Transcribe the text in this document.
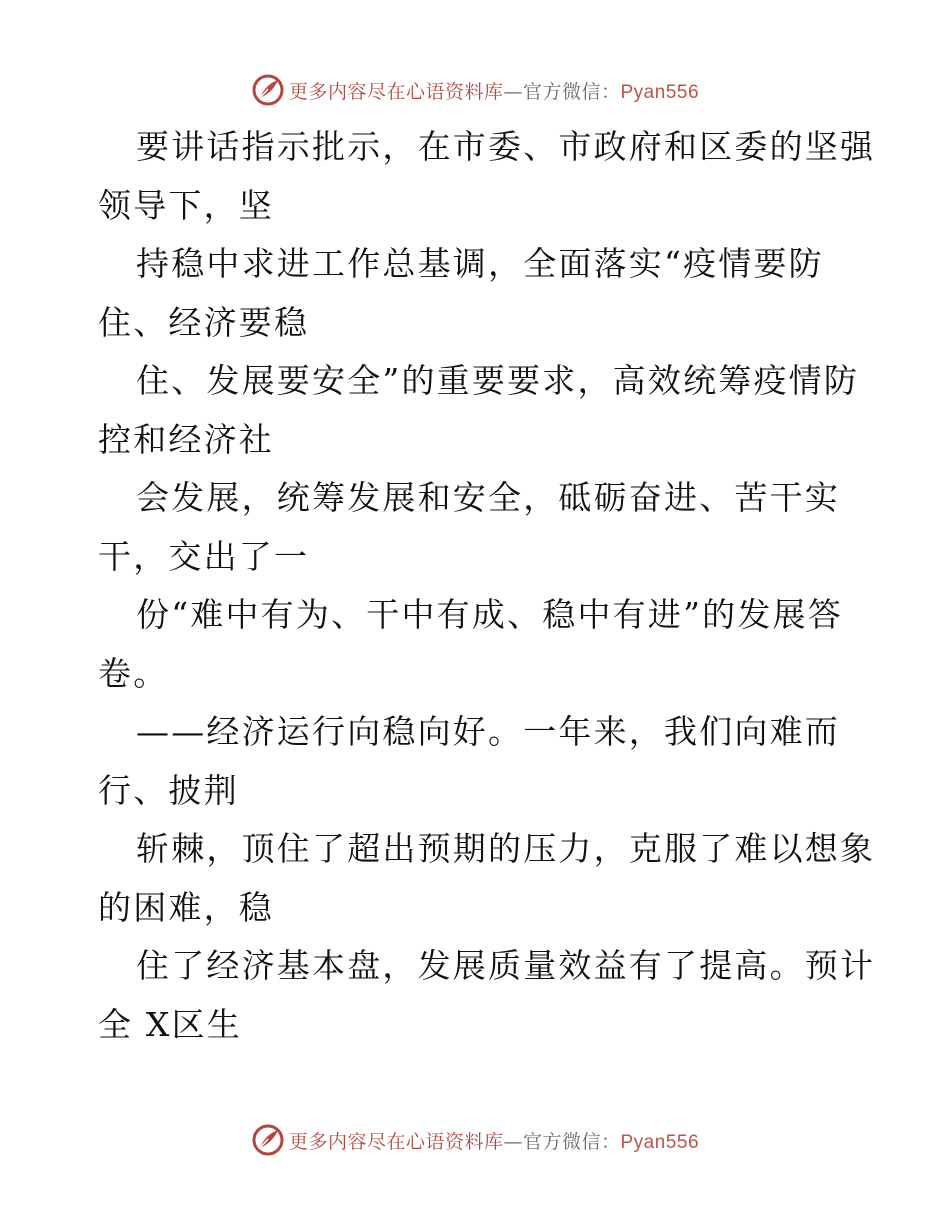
更多内容尽在心语资料库—官方微信：Pyan556
要讲话指示批示，在市委、市政府和区委的坚强
领导下，坚
持稳中求进工作总基调，全面落实“疫情要防
住、经济要稳
住、发展要安全”的重要要求，高效统筹疫情防
控和经济社
会发展，统筹发展和安全，砥砺奋进、苦干实
干，交出了一
份“难中有为、干中有成、稳中有进”的发展答
卷。
——经济运行向稳向好。一年来，我们向难而
行、披荆
斩棘，顶住了超出预期的压力，克服了难以想象
的困难，稳
住了经济基本盘，发展质量效益有了提高。预计
全 X区生
更多内容尽在心语资料库—官方微信：Pyan556
